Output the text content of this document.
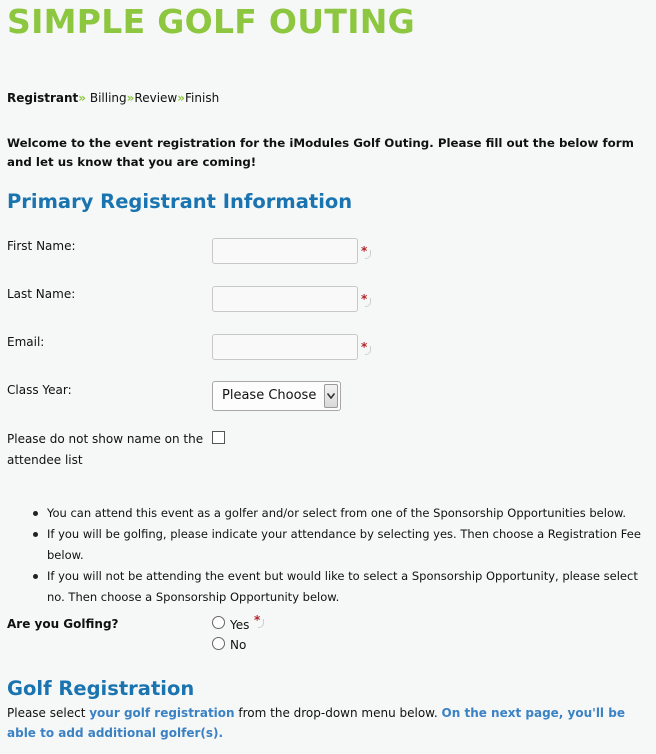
SIMPLE GOLF OUTING
Registrant» Billing»Review»Finish
Welcome to the event registration for the iModules Golf Outing. Please fill out the below form and let us know that you are coming!
Primary Registrant Information
First Name:	*
Last Name:	*
Email:	*
Class Year:	Please Choose
Please do not show name on the attendee list
You can attend this event as a golfer and/or select from one of the Sponsorship Opportunities below.
If you will be golfing, please indicate your attendance by selecting yes. Then choose a Registration Fee below.
If you will not be attending the event but would like to select a Sponsorship Opportunity, please select no. Then choose a Sponsorship Opportunity below.
Are you Golfing?	Yes *
No
Golf Registration
Please select your golf registration from the drop-down menu below. On the next page, you'll be able to add additional golfer(s).
